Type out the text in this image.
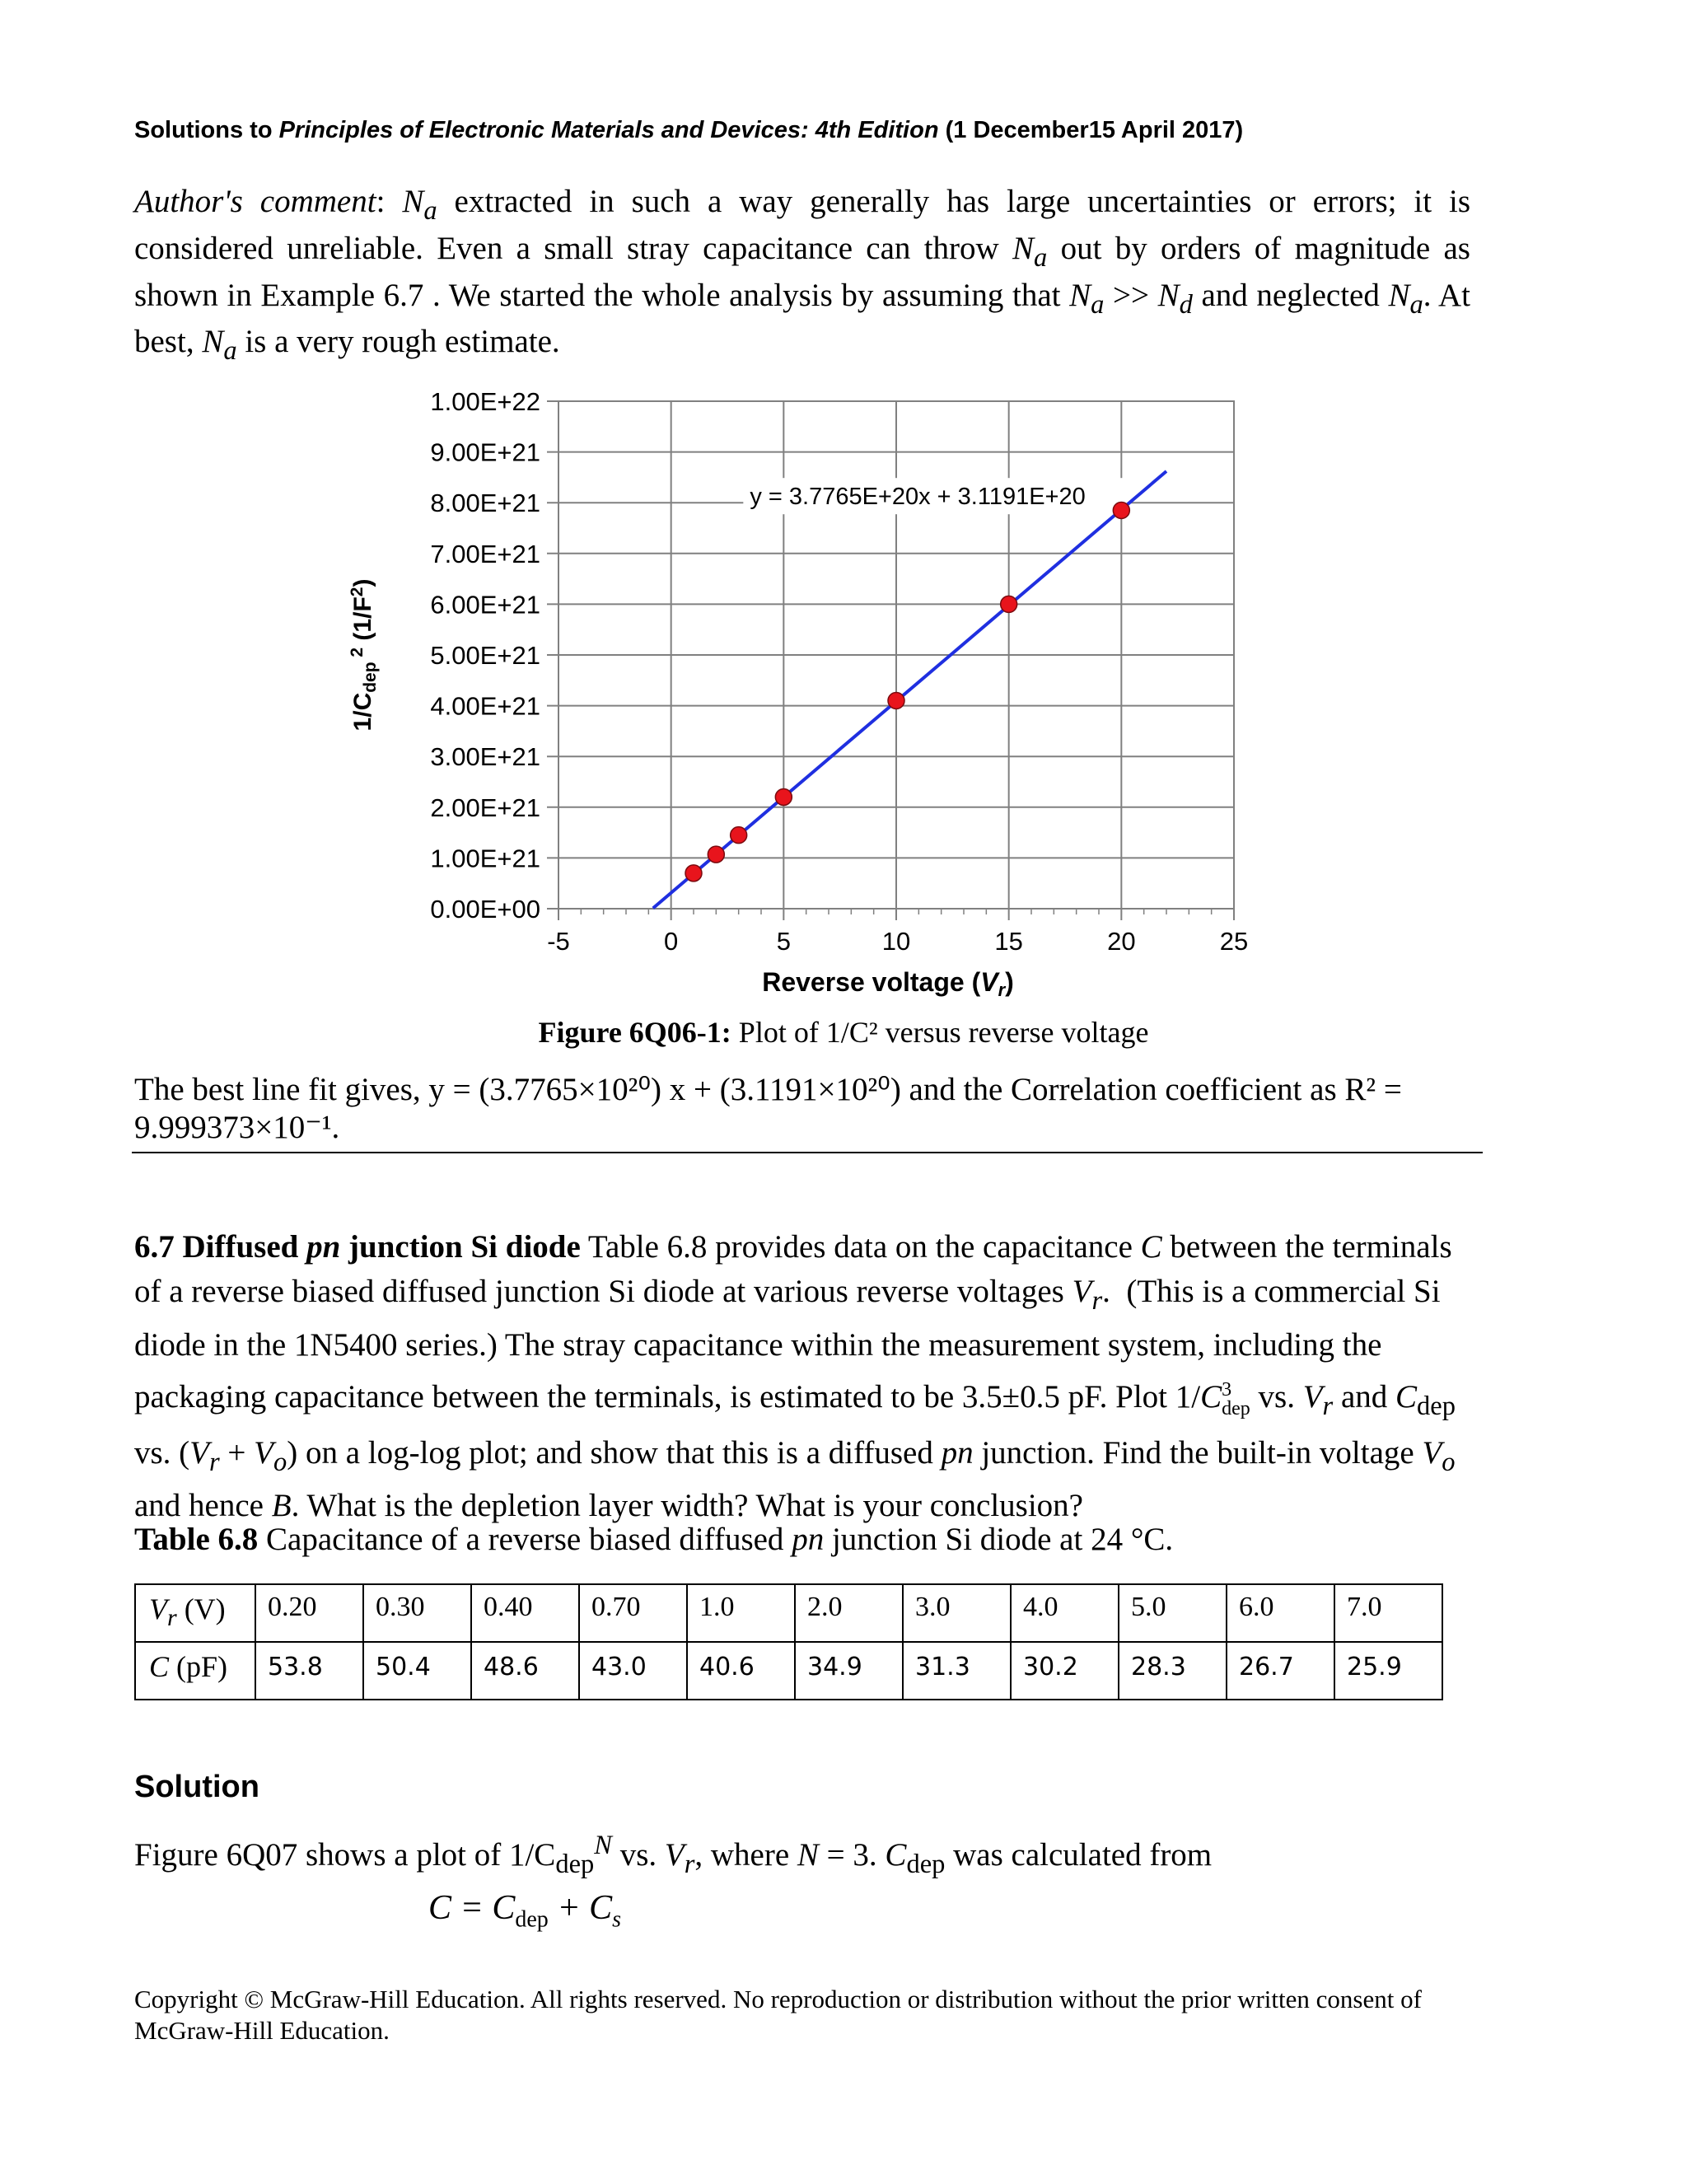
Solutions to Principles of Electronic Materials and Devices: 4th Edition (1 December15 April 2017)
Author's comment: $N_a$ extracted in such a way generally has large uncertainties or errors; it is considered unreliable. Even a small stray capacitance can throw $N_a$ out by orders of magnitude as shown in Example 6.7 . We started the whole analysis by assuming that $N_a >> N_d$ and neglected $N_a$. At best, $N_a$ is a very rough estimate.
0.00E+00
1.00E+21
2.00E+21
3.00E+21
4.00E+21
5.00E+21
6.00E+21
7.00E+21
8.00E+21
9.00E+21
1.00E+22
-5	0	5	10	15	20	25
y = 3.7765E+20x + 3.1191E+20
Reverse voltage (Vr)
$1/C_{dep}$ $^2$ $(1/F^2)$
Figure 6Q06-1: Plot of 1/C² versus reverse voltage
The best line fit gives, y = (3.7765×10²⁰) x + (3.1191×10²⁰) and the Correlation coefficient as R² = 9.999373×10⁻¹.
6.7 Diffused pn junction Si diode Table 6.8 provides data on the capacitance C between the terminals of a reverse biased diffused junction Si diode at various reverse voltages $V_r$.  (This is a commercial Si diode in the 1N5400 series.) The stray capacitance within the measurement system, including the packaging capacitance between the terminals, is estimated to be 3.5±0.5 pF. Plot $1/C^3_{dep}$ vs. $V_r$ and $C_{dep}$ vs. $(V_r + V_o)$ on a log-log plot; and show that this is a diffused pn junction. Find the built-in voltage $V_o$ and hence B. What is the depletion layer width? What is your conclusion?
Table 6.8 Capacitance of a reverse biased diffused pn junction Si diode at 24 °C.
$V_r$ (V)	0.20	0.30	0.40	0.70	1.0	2.0	3.0	4.0	5.0	6.0	7.0
C (pF)	53.8	50.4	48.6	43.0	40.6	34.9	31.3	30.2	28.3	26.7	25.9
Solution
Figure 6Q07 shows a plot of $1/C_{dep}^N$ vs. $V_r$, where N = 3. $C_{dep}$ was calculated from
$C = C_{dep} + C_s$
Copyright © McGraw-Hill Education. All rights reserved. No reproduction or distribution without the prior written consent of McGraw-Hill Education.
